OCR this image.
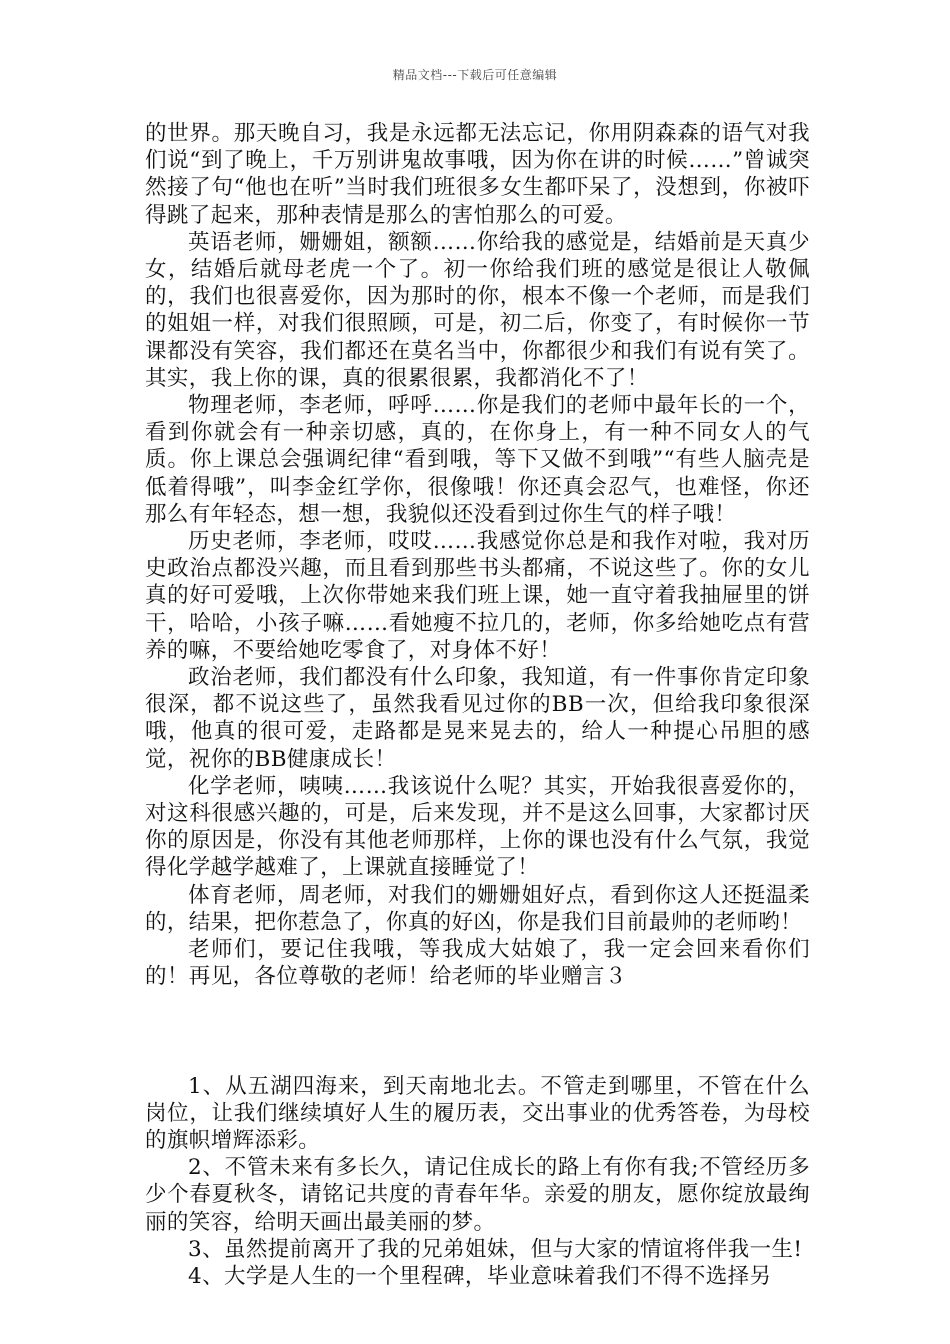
精品文档---下载后可任意编辑

的世界。那天晚自习，我是永远都无法忘记，你用阴森森的语气对我们说“到了晚上，千万别讲鬼故事哦，因为你在讲的时候……”曾诚突然接了句“他也在听”当时我们班很多女生都吓呆了，没想到，你被吓得跳了起来，那种表情是那么的害怕那么的可爱。

英语老师，姗姗姐，额额……你给我的感觉是，结婚前是天真少女，结婚后就母老虎一个了。初一你给我们班的感觉是很让人敬佩的，我们也很喜爱你，因为那时的你，根本不像一个老师，而是我们的姐姐一样，对我们很照顾，可是，初二后，你变了，有时候你一节课都没有笑容，我们都还在莫名当中，你都很少和我们有说有笑了。其实，我上你的课，真的很累很累，我都消化不了！

物理老师，李老师，呼呼……你是我们的老师中最年长的一个，看到你就会有一种亲切感，真的，在你身上，有一种不同女人的气质。你上课总会强调纪律“看到哦，等下又做不到哦”“有些人脑壳是低着得哦”，叫李金红学你，很像哦！你还真会忍气，也难怪，你还那么有年轻态，想一想，我貌似还没看到过你生气的样子哦！

历史老师，李老师，哎哎……我感觉你总是和我作对啦，我对历史政治点都没兴趣，而且看到那些书头都痛，不说这些了。你的女儿真的好可爱哦，上次你带她来我们班上课，她一直守着我抽屉里的饼干，哈哈，小孩子嘛……看她瘦不拉几的，老师，你多给她吃点有营养的嘛，不要给她吃零食了，对身体不好！

政治老师，我们都没有什么印象，我知道，有一件事你肯定印象很深，都不说这些了，虽然我看见过你的BB一次，但给我印象很深哦，他真的很可爱，走路都是晃来晃去的，给人一种提心吊胆的感觉，祝你的BB健康成长！

化学老师，咦咦……我该说什么呢？其实，开始我很喜爱你的，对这科很感兴趣的，可是，后来发现，并不是这么回事，大家都讨厌你的原因是，你没有其他老师那样，上你的课也没有什么气氛，我觉得化学越学越难了，上课就直接睡觉了！

体育老师，周老师，对我们的姗姗姐好点，看到你这人还挺温柔的，结果，把你惹急了，你真的好凶，你是我们目前最帅的老师哟！

老师们，要记住我哦，等我成大姑娘了，我一定会回来看你们的！再见，各位尊敬的老师！给老师的毕业赠言３

1、从五湖四海来，到天南地北去。不管走到哪里，不管在什么岗位，让我们继续填好人生的履历表，交出事业的优秀答卷，为母校的旗帜增辉添彩。

2、不管未来有多长久，请记住成长的路上有你有我;不管经历多少个春夏秋冬，请铭记共度的青春年华。亲爱的朋友，愿你绽放最绚丽的笑容，给明天画出最美丽的梦。

3、虽然提前离开了我的兄弟姐妹，但与大家的情谊将伴我一生!

4、大学是人生的一个里程碑，毕业意味着我们不得不选择另
